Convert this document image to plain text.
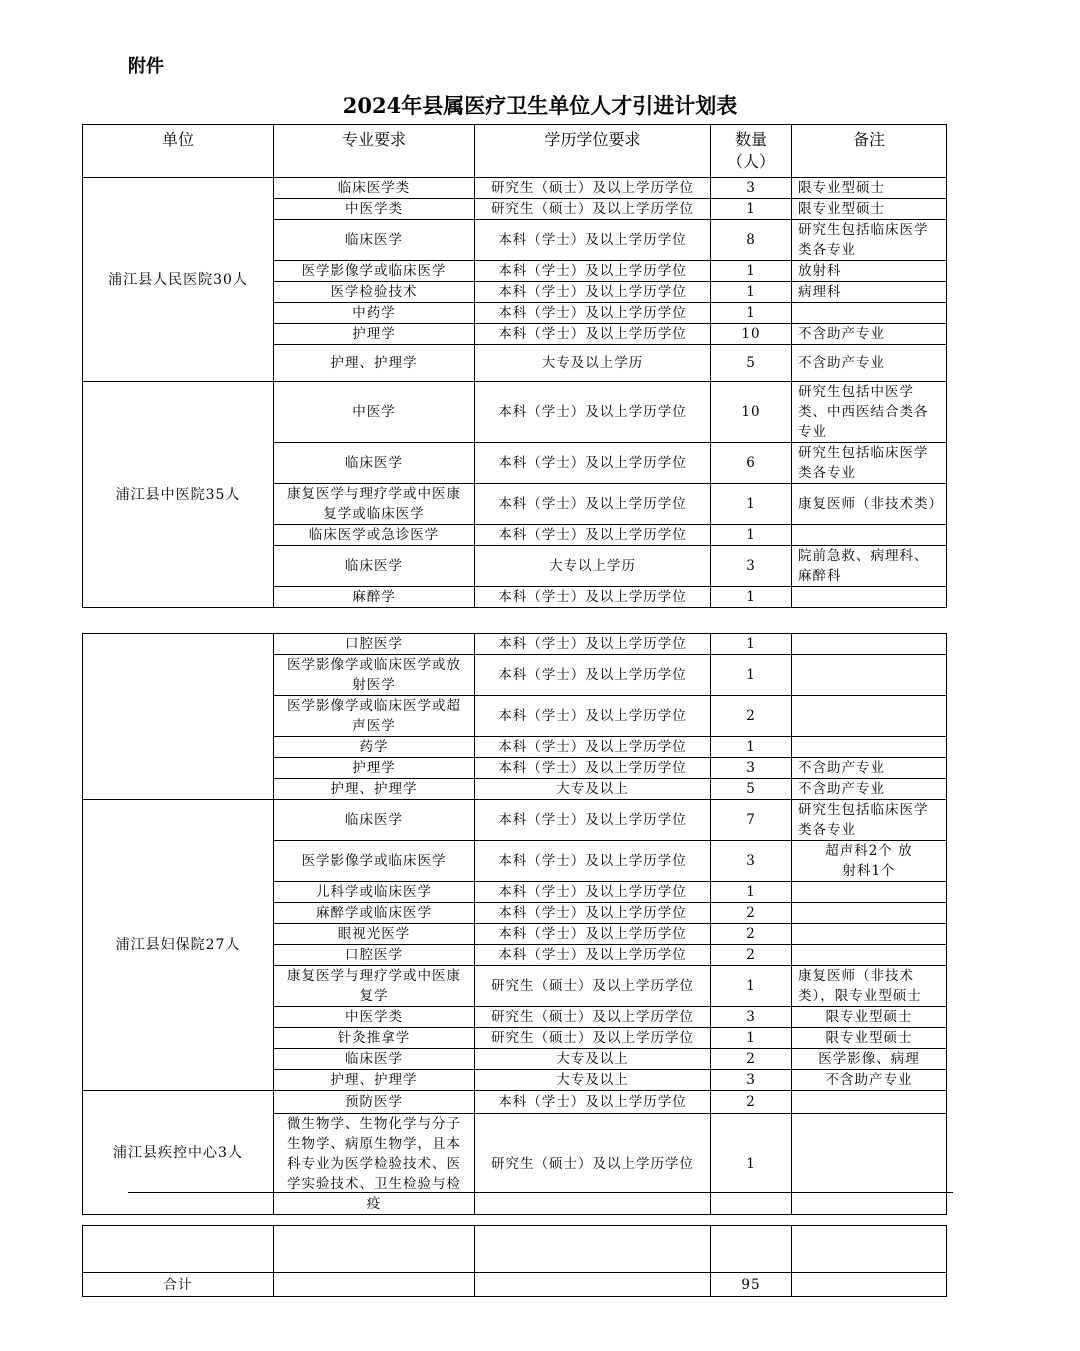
附件
2024年县属医疗卫生单位人才引进计划表
单位	专业要求	学历学位要求	数量（人）	备注
浦江县人民医院30人	临床医学类	研究生（硕士）及以上学历学位	3	限专业型硕士
	中医学类	研究生（硕士）及以上学历学位	1	限专业型硕士
	临床医学	本科（学士）及以上学历学位	8	研究生包括临床医学类各专业
	医学影像学或临床医学	本科（学士）及以上学历学位	1	放射科
	医学检验技术	本科（学士）及以上学历学位	1	病理科
	中药学	本科（学士）及以上学历学位	1	
	护理学	本科（学士）及以上学历学位	10	不含助产专业
	护理、护理学	大专及以上学历	5	不含助产专业
浦江县中医院35人	中医学	本科（学士）及以上学历学位	10	研究生包括中医学类、中西医结合类各专业
	临床医学	本科（学士）及以上学历学位	6	研究生包括临床医学类各专业
	康复医学与理疗学或中医康复学或临床医学	本科（学士）及以上学历学位	1	康复医师（非技术类）
	临床医学或急诊医学	本科（学士）及以上学历学位	1	
	临床医学	大专以上学历	3	院前急救、病理科、麻醉科
	麻醉学	本科（学士）及以上学历学位	1	
	口腔医学	本科（学士）及以上学历学位	1	
	医学影像学或临床医学或放射医学	本科（学士）及以上学历学位	1	
	医学影像学或临床医学或超声医学	本科（学士）及以上学历学位	2	
	药学	本科（学士）及以上学历学位	1	
	护理学	本科（学士）及以上学历学位	3	不含助产专业
	护理、护理学	大专及以上	5	不含助产专业
浦江县妇保院27人	临床医学	本科（学士）及以上学历学位	7	研究生包括临床医学类各专业
	医学影像学或临床医学	本科（学士）及以上学历学位	3	超声科2个 放射科1个
	儿科学或临床医学	本科（学士）及以上学历学位	1	
	麻醉学或临床医学	本科（学士）及以上学历学位	2	
	眼视光医学	本科（学士）及以上学历学位	2	
	口腔医学	本科（学士）及以上学历学位	2	
	康复医学与理疗学或中医康复学	研究生（硕士）及以上学历学位	1	康复医师（非技术类），限专业型硕士
	中医学类	研究生（硕士）及以上学历学位	3	限专业型硕士
	针灸推拿学	研究生（硕士）及以上学历学位	1	限专业型硕士
	临床医学	大专及以上	2	医学影像、病理
	护理、护理学	大专及以上	3	不含助产专业
浦江县疾控中心3人	预防医学	本科（学士）及以上学历学位	2	
	微生物学、生物化学与分子生物学、病原生物学，且本科专业为医学检验技术、医学实验技术、卫生检验与检疫	研究生（硕士）及以上学历学位	1	

合计			95	
